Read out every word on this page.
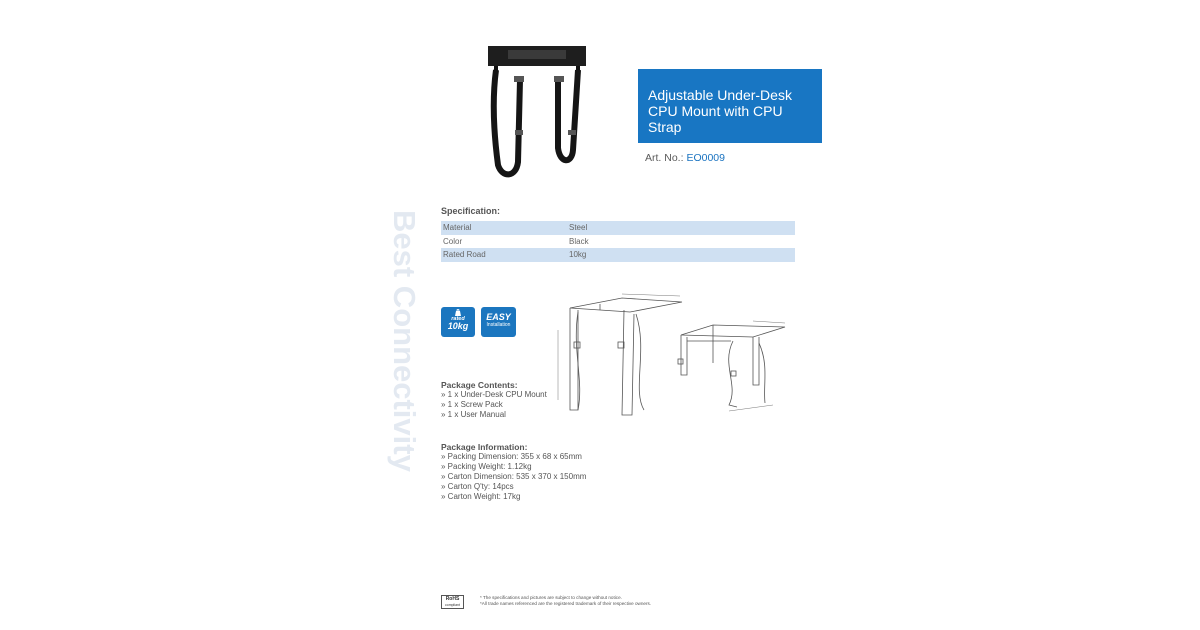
Adjustable Under-Desk CPU Mount with CPU Strap
Art. No.: EO0009
Best Connectivity Specification:
Material	Steel
Color	Black
Rated Road	10kg
rated
10kg
EASY
Installation
Package Contents:
» 1 x Under-Desk CPU Mount
» 1 x Screw Pack
» 1 x User Manual
Package Information:
» Packing Dimension: 355 x 68 x 65mm
» Packing Weight: 1.12kg
» Carton Dimension: 535 x 370 x 150mm
» Carton Q'ty: 14pcs
» Carton Weight: 17kg
RoHS
compliant
* The specifications and pictures are subject to change without notice.
*All trade names referenced are the registered trademark of their respective owners.
